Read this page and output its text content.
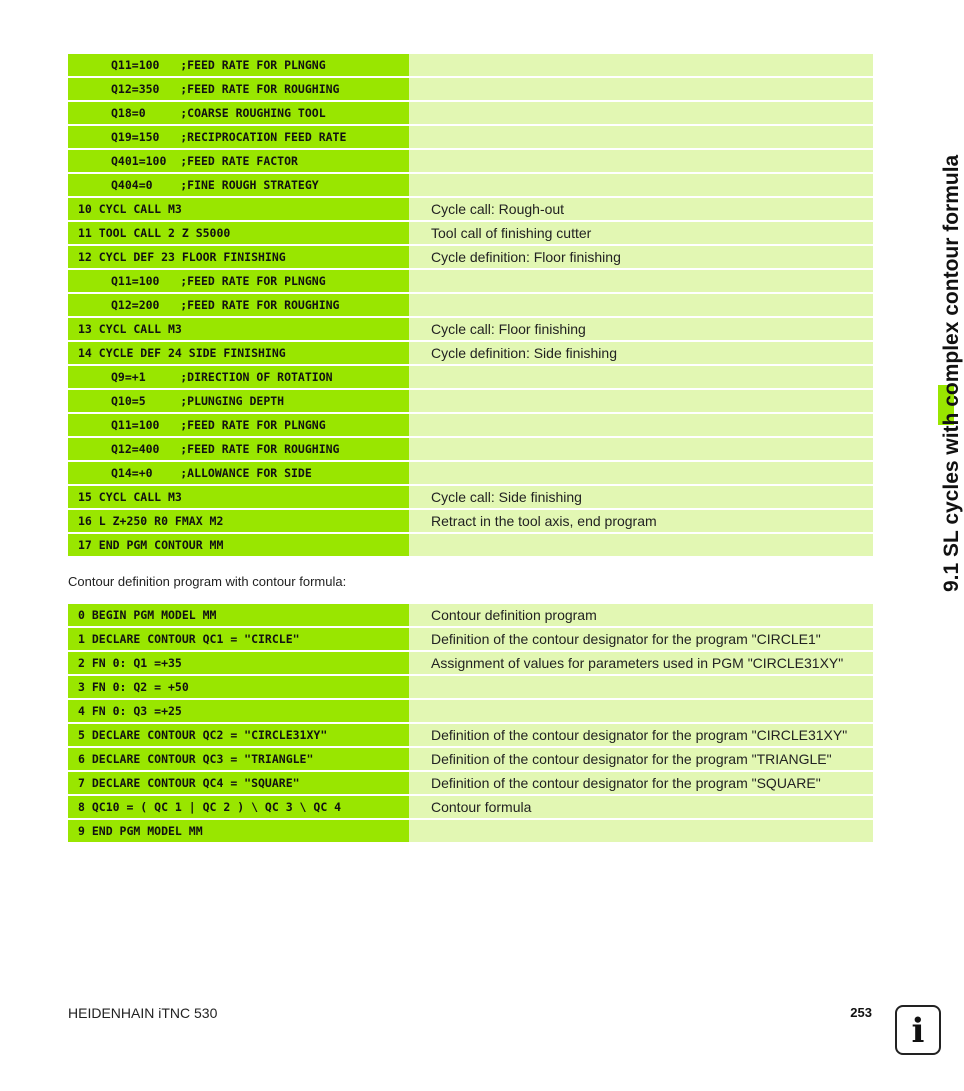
Q11=100   ;FEED RATE FOR PLNGNG
Q12=350   ;FEED RATE FOR ROUGHING
Q18=0     ;COARSE ROUGHING TOOL
Q19=150   ;RECIPROCATION FEED RATE
Q401=100  ;FEED RATE FACTOR
Q404=0    ;FINE ROUGH STRATEGY
10 CYCL CALL M3	Cycle call: Rough-out
11 TOOL CALL 2 Z S5000	Tool call of finishing cutter
12 CYCL DEF 23 FLOOR FINISHING	Cycle definition: Floor finishing
Q11=100   ;FEED RATE FOR PLNGNG
Q12=200   ;FEED RATE FOR ROUGHING
13 CYCL CALL M3	Cycle call: Floor finishing
14 CYCLE DEF 24 SIDE FINISHING	Cycle definition: Side finishing
Q9=+1     ;DIRECTION OF ROTATION
Q10=5     ;PLUNGING DEPTH
Q11=100   ;FEED RATE FOR PLNGNG
Q12=400   ;FEED RATE FOR ROUGHING
Q14=+0    ;ALLOWANCE FOR SIDE
15 CYCL CALL M3	Cycle call: Side finishing
16 L Z+250 R0 FMAX M2	Retract in the tool axis, end program
17 END PGM CONTOUR MM
Contour definition program with contour formula:
0 BEGIN PGM MODEL MM	Contour definition program
1 DECLARE CONTOUR QC1 = "CIRCLE"	Definition of the contour designator for the program "CIRCLE1"
2 FN 0: Q1 =+35	Assignment of values for parameters used in PGM "CIRCLE31XY"
3 FN 0: Q2 = +50
4 FN 0: Q3 =+25
5 DECLARE CONTOUR QC2 = "CIRCLE31XY"	Definition of the contour designator for the program "CIRCLE31XY"
6 DECLARE CONTOUR QC3 = "TRIANGLE"	Definition of the contour designator for the program "TRIANGLE"
7 DECLARE CONTOUR QC4 = "SQUARE"	Definition of the contour designator for the program "SQUARE"
8 QC10 = ( QC 1 | QC 2 ) \ QC 3 \ QC 4	Contour formula
9 END PGM MODEL MM
9.1 SL cycles with complex contour formula
HEIDENHAIN iTNC 530	253	i
